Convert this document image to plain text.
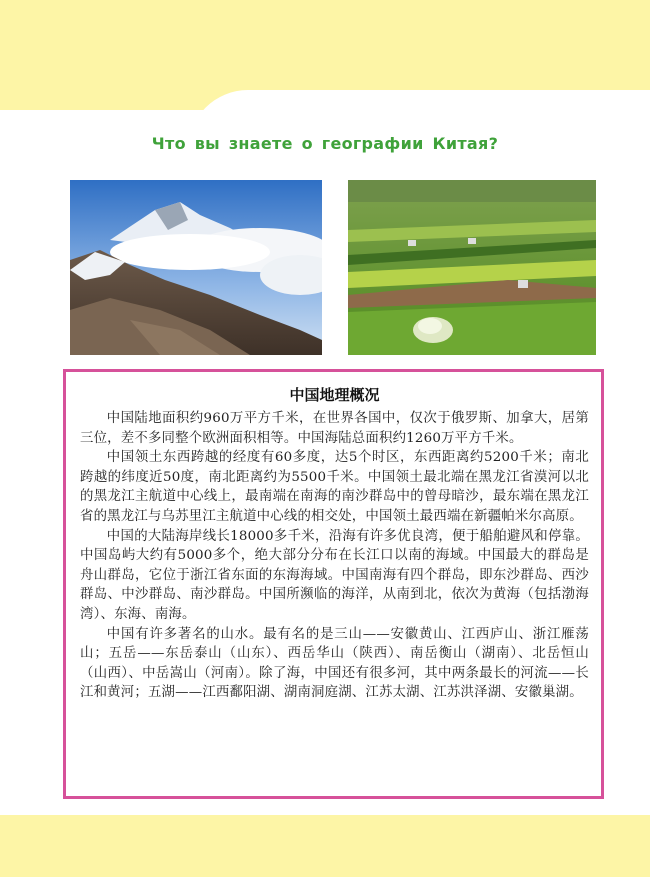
Что вы знаете о географии Китая?
中国地理概况

中国陆地面积约960万平方千米，在世界各国中，仅次于俄罗斯、加拿大，居第三位，差不多同整个欧洲面积相等。中国海陆总面积约1260万平方千米。

中国领土东西跨越的经度有60多度，达5个时区，东西距离约5200千米；南北跨越的纬度近50度，南北距离约为5500千米。中国领土最北端在黑龙江省漠河以北的黑龙江主航道中心线上，最南端在南海的南沙群岛中的曾母暗沙，最东端在黑龙江省的黑龙江与乌苏里江主航道中心线的相交处，中国领土最西端在新疆帕米尔高原。

中国的大陆海岸线长18000多千米，沿海有许多优良湾，便于船舶避风和停靠。中国岛屿大约有5000多个，绝大部分分布在长江口以南的海域。中国最大的群岛是舟山群岛，它位于浙江省东面的东海海域。中国南海有四个群岛，即东沙群岛、西沙群岛、中沙群岛、南沙群岛。中国所濒临的海洋，从南到北，依次为黄海（包括渤海湾）、东海、南海。

中国有许多著名的山水。最有名的是三山——安徽黄山、江西庐山、浙江雁荡山；五岳——东岳泰山（山东）、西岳华山（陕西）、南岳衡山（湖南）、北岳恒山（山西）、中岳嵩山（河南）。除了海，中国还有很多河，其中两条最长的河流——长江和黄河；五湖——江西鄱阳湖、湖南洞庭湖、江苏太湖、江苏洪泽湖、安徽巢湖。
